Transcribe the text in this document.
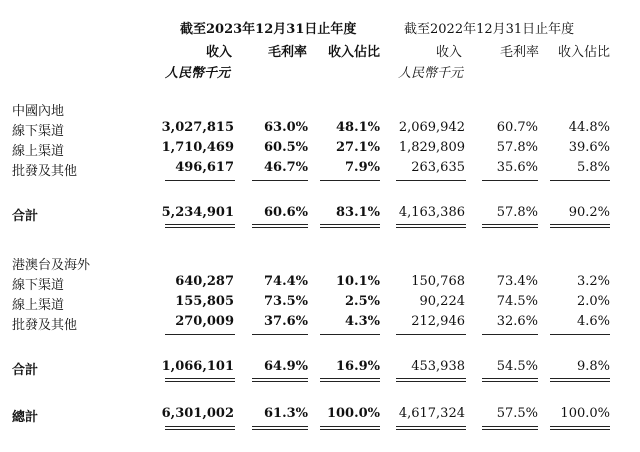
截至2023年12月31日止年度	截至2022年12月31日止年度
收入	毛利率 收入佔比	收入	毛利率 收入佔比
人民幣千元	人民幣千元
中國內地
線下渠道	3,027,815 63.0% 48.1% 2,069,942 60.7% 44.8%
線上渠道	1,710,469 60.5% 27.1% 1,829,809 57.8% 39.6%
批發及其他	496,617 46.7%	7.9% 263,635 35.6%	5.8%
合計	5,234,901 60.6% 83.1% 4,163,386 57.8% 90.2%
港澳台及海外
線下渠道	640,287 74.4% 10.1% 150,768 73.4%	3.2%
線上渠道	155,805 73.5%	2.5%	90,224 74.5%	2.0%
批發及其他	270,009 37.6%	4.3% 212,946 32.6%	4.6%
合計	1,066,101 64.9% 16.9% 453,938 54.5%	9.8%
總計	6,301,002 61.3% 100.0% 4,617,324 57.5% 100.0%
